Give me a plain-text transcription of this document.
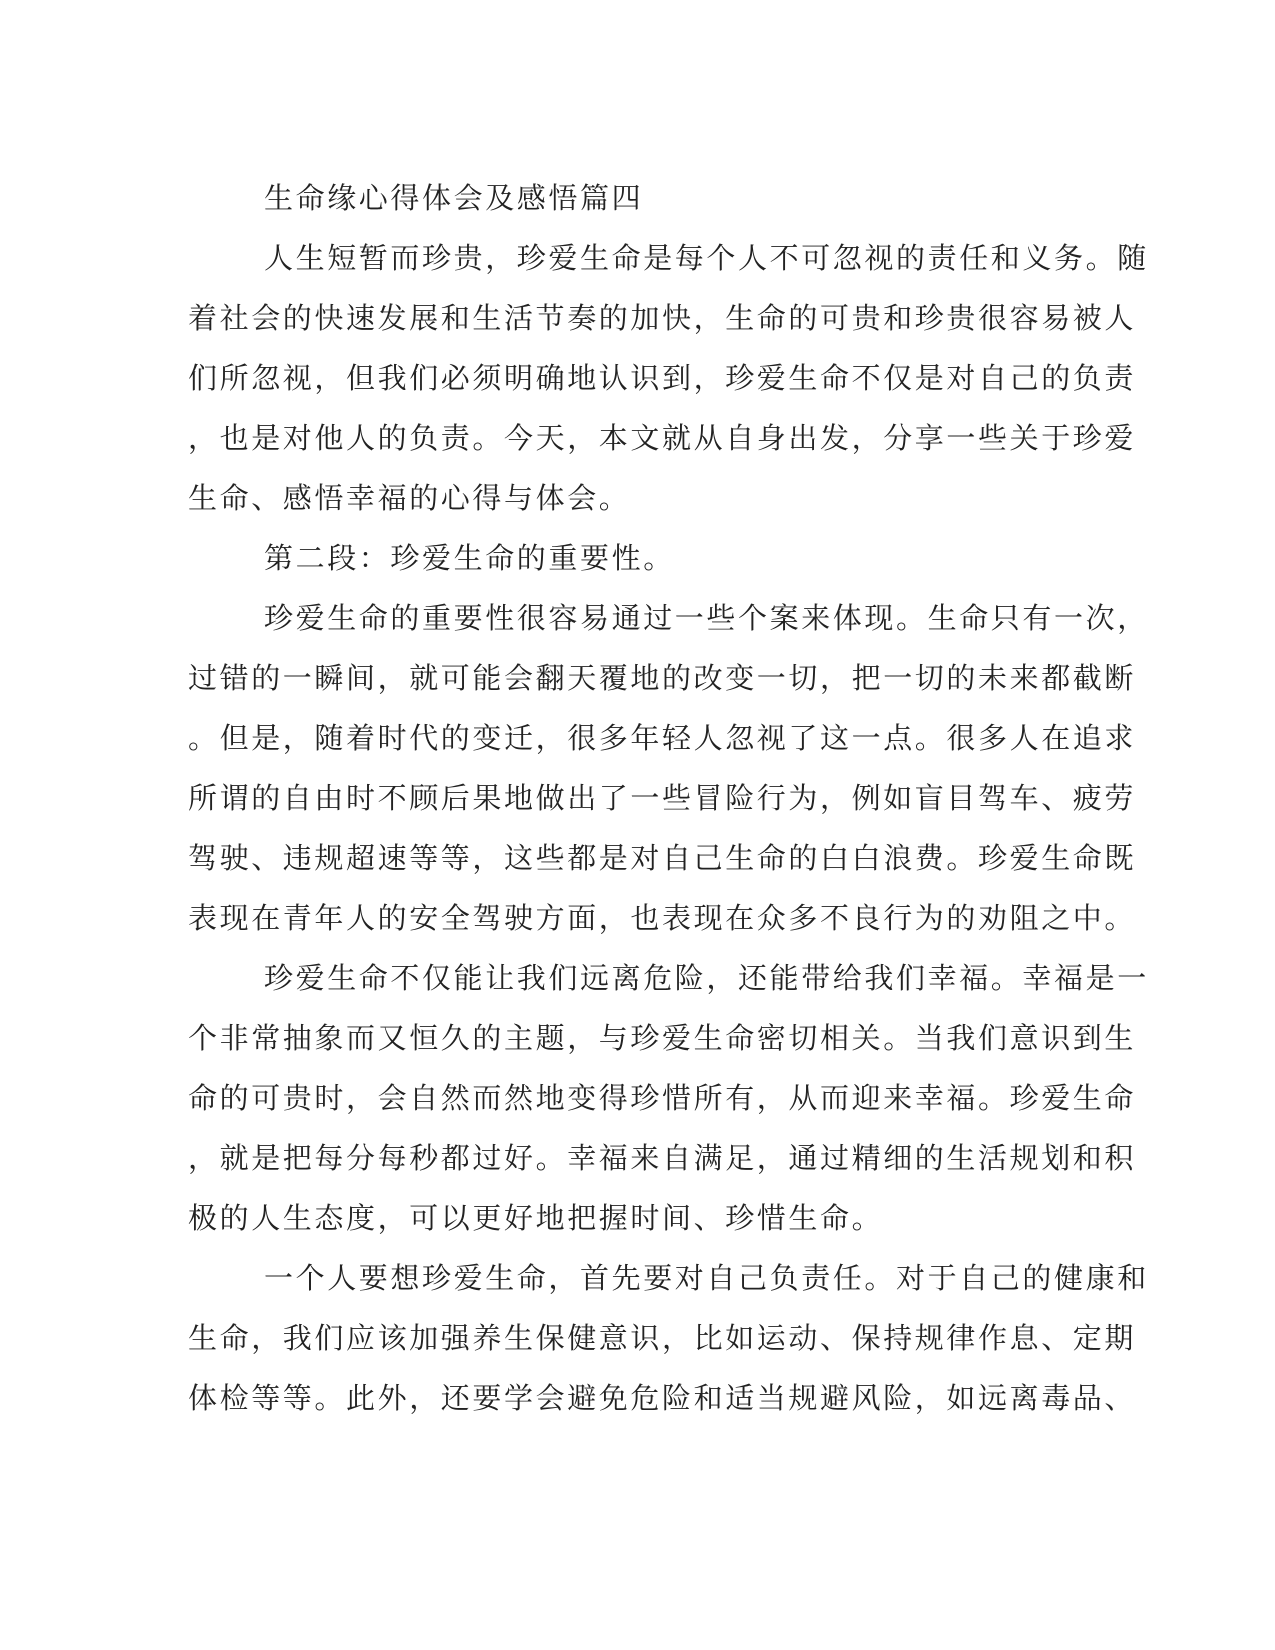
生命缘心得体会及感悟篇四
人生短暂而珍贵，珍爱生命是每个人不可忽视的责任和义务。随
着社会的快速发展和生活节奏的加快，生命的可贵和珍贵很容易被人
们所忽视，但我们必须明确地认识到，珍爱生命不仅是对自己的负责
，也是对他人的负责。今天，本文就从自身出发，分享一些关于珍爱
生命、感悟幸福的心得与体会。
第二段：珍爱生命的重要性。
珍爱生命的重要性很容易通过一些个案来体现。生命只有一次，
过错的一瞬间，就可能会翻天覆地的改变一切，把一切的未来都截断
。但是，随着时代的变迁，很多年轻人忽视了这一点。很多人在追求
所谓的自由时不顾后果地做出了一些冒险行为，例如盲目驾车、疲劳
驾驶、违规超速等等，这些都是对自己生命的白白浪费。珍爱生命既
表现在青年人的安全驾驶方面，也表现在众多不良行为的劝阻之中。
珍爱生命不仅能让我们远离危险，还能带给我们幸福。幸福是一
个非常抽象而又恒久的主题，与珍爱生命密切相关。当我们意识到生
命的可贵时，会自然而然地变得珍惜所有，从而迎来幸福。珍爱生命
，就是把每分每秒都过好。幸福来自满足，通过精细的生活规划和积
极的人生态度，可以更好地把握时间、珍惜生命。
一个人要想珍爱生命，首先要对自己负责任。对于自己的健康和
生命，我们应该加强养生保健意识，比如运动、保持规律作息、定期
体检等等。此外，还要学会避免危险和适当规避风险，如远离毒品、
